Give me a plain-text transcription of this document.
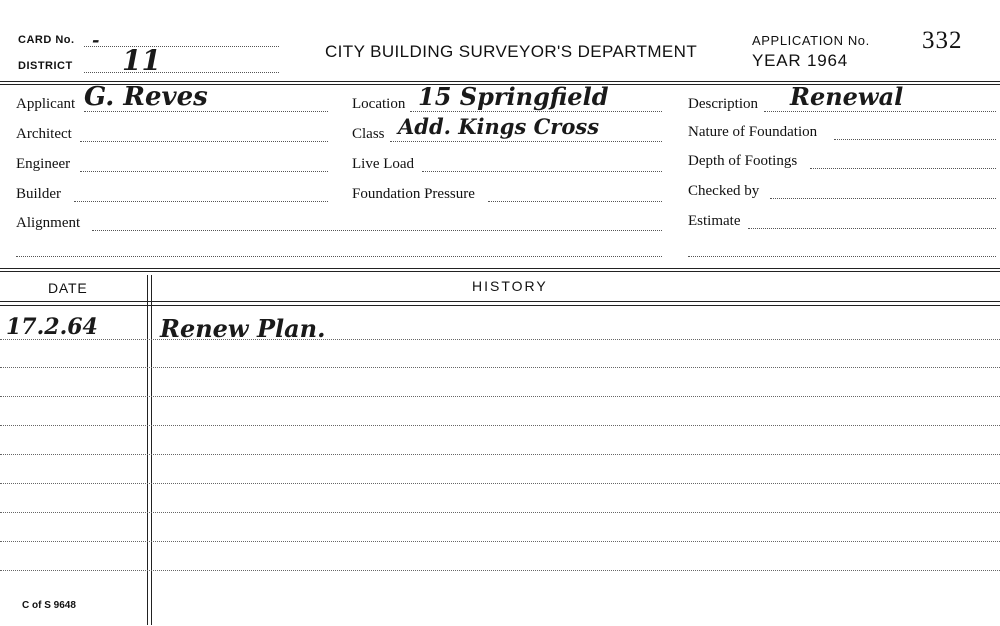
CARD No. -
DISTRICT 11	CITY BUILDING SURVEYOR'S DEPARTMENT
APPLICATION No. 332
YEAR 1964
Applicant G. Reves
Architect
Engineer
Builder
Alignment
Location 15 Springfield
Class Add. Kings Cross
Live Load
Foundation Pressure
Description Renewal
Nature of Foundation
Depth of Footings
Checked by
Estimate
DATE	HISTORY
17.2.64	Renew Plan.
C of S 9648
